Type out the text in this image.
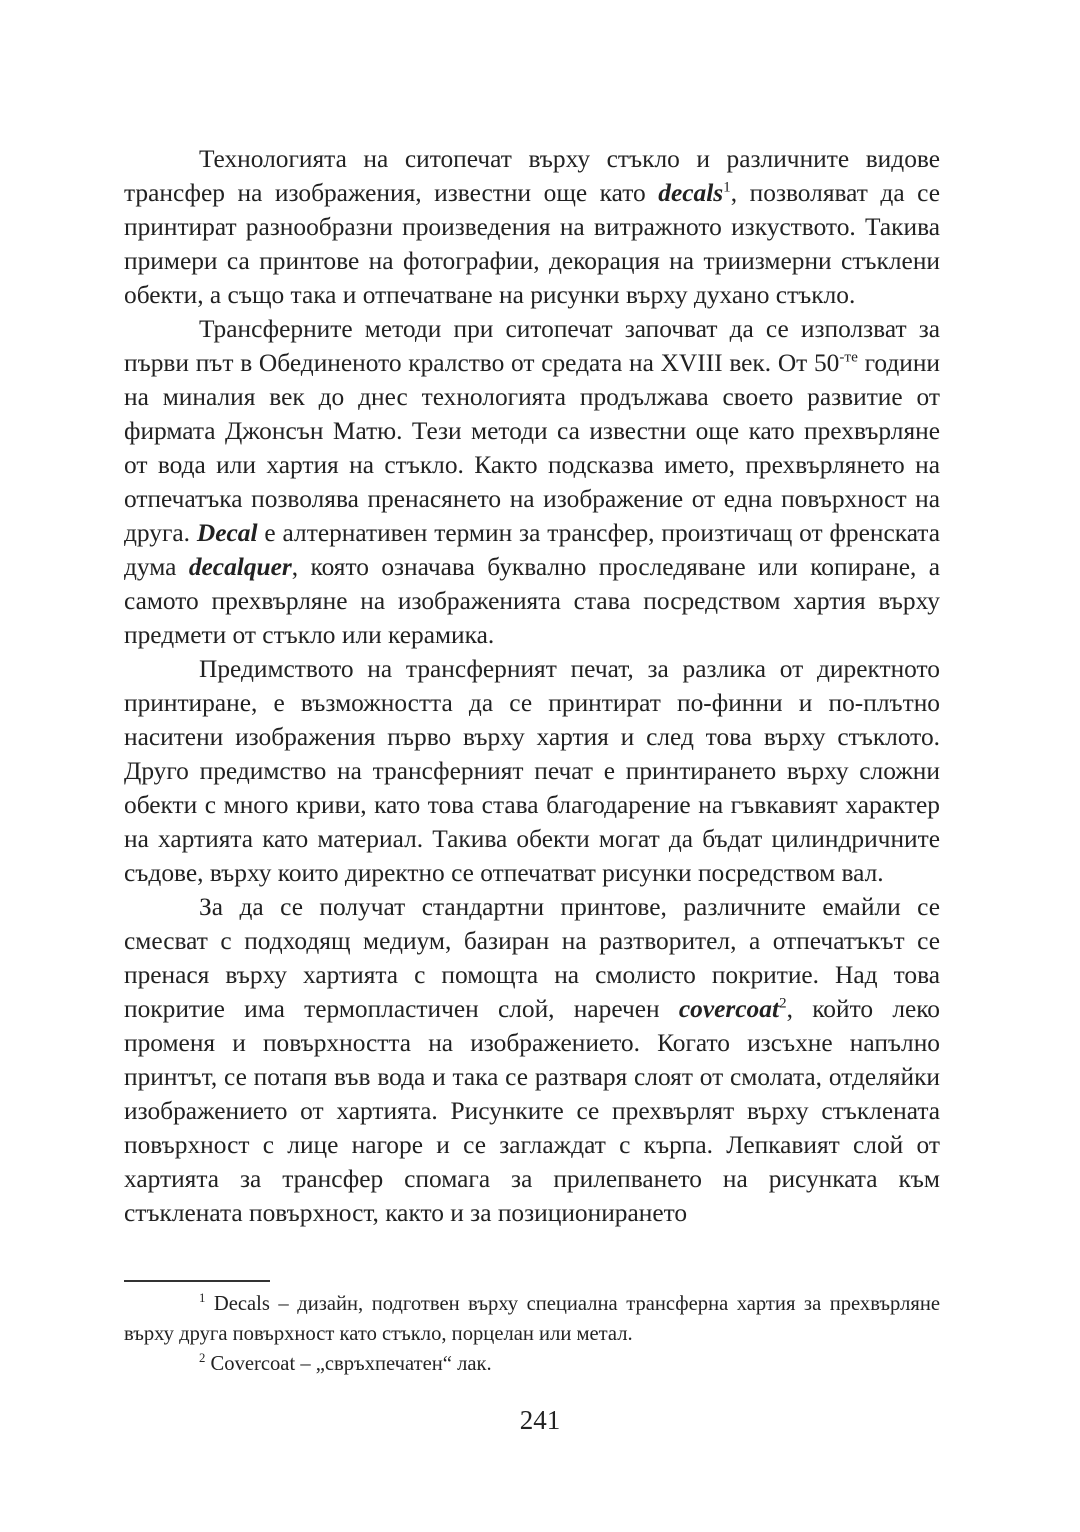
Технологията на ситопечат върху стъкло и различните видове трансфер на изображения, известни още като decals$^1$, позволяват да се принтират разнообразни произведения на витражното изкуството. Такива примери са принтове на фотографии, декорация на триизмерни стъклени обекти, а също така и отпечатване на рисунки върху духано стъкло.

Трансферните методи при ситопечат започват да се използват за първи път в Обединеното кралство от средата на XVIII век. От $50^{-те}$ години на миналия век до днес технологията продължава своето развитие от фирмата Джонсън Матю. Тези методи са известни още като прехвърляне от вода или хартия на стъкло. Както подсказва името, прехвърлянето на отпечатъка позволява пренасянето на изображение от една повърхност на друга. Decal е алтернативен термин за трансфер, произтичащ от френската дума decalquer, която означава буквално проследяване или копиране, а самото прехвърляне на изображенията става посредством хартия върху предмети от стъкло или керамика.

Предимството на трансферният печат, за разлика от директното принтиране, е възможността да се принтират по-финни и по-плътно наситени изображения първо върху хартия и след това върху стъклото. Друго предимство на трансферният печат е принтирането върху сложни обекти с много криви, като това става благодарение на гъвкавият характер на хартията като материал. Такива обекти могат да бъдат цилиндричните съдове, върху които директно се отпечатват рисунки посредством вал.

За да се получат стандартни принтове, различните емайли се смесват с подходящ медиум, базиран на разтворител, а отпечатъкът се пренася върху хартията с помощта на смолисто покритие. Над това покритие има термопластичен слой, наречен covercoat$^2$, който леко променя и повърхността на изображението. Когато изсъхне напълно принтът, се потапя във вода и така се разтваря слоят от смолата, отделяйки изображението от хартията. Рисунките се прехвърлят върху стъклената повърхност с лице нагоре и се заглаждат с кърпа. Лепкавият слой от хартията за трансфер спомага за прилепването на рисунката към стъклената повърхност, както и за позиционирането

$^1$ Decals – дизайн, подготвен върху специална трансферна хартия за прехвърляне върху друга повърхност като стъкло, порцелан или метал.

$^2$ Covercoat – „свръхпечатен“ лак.

241
